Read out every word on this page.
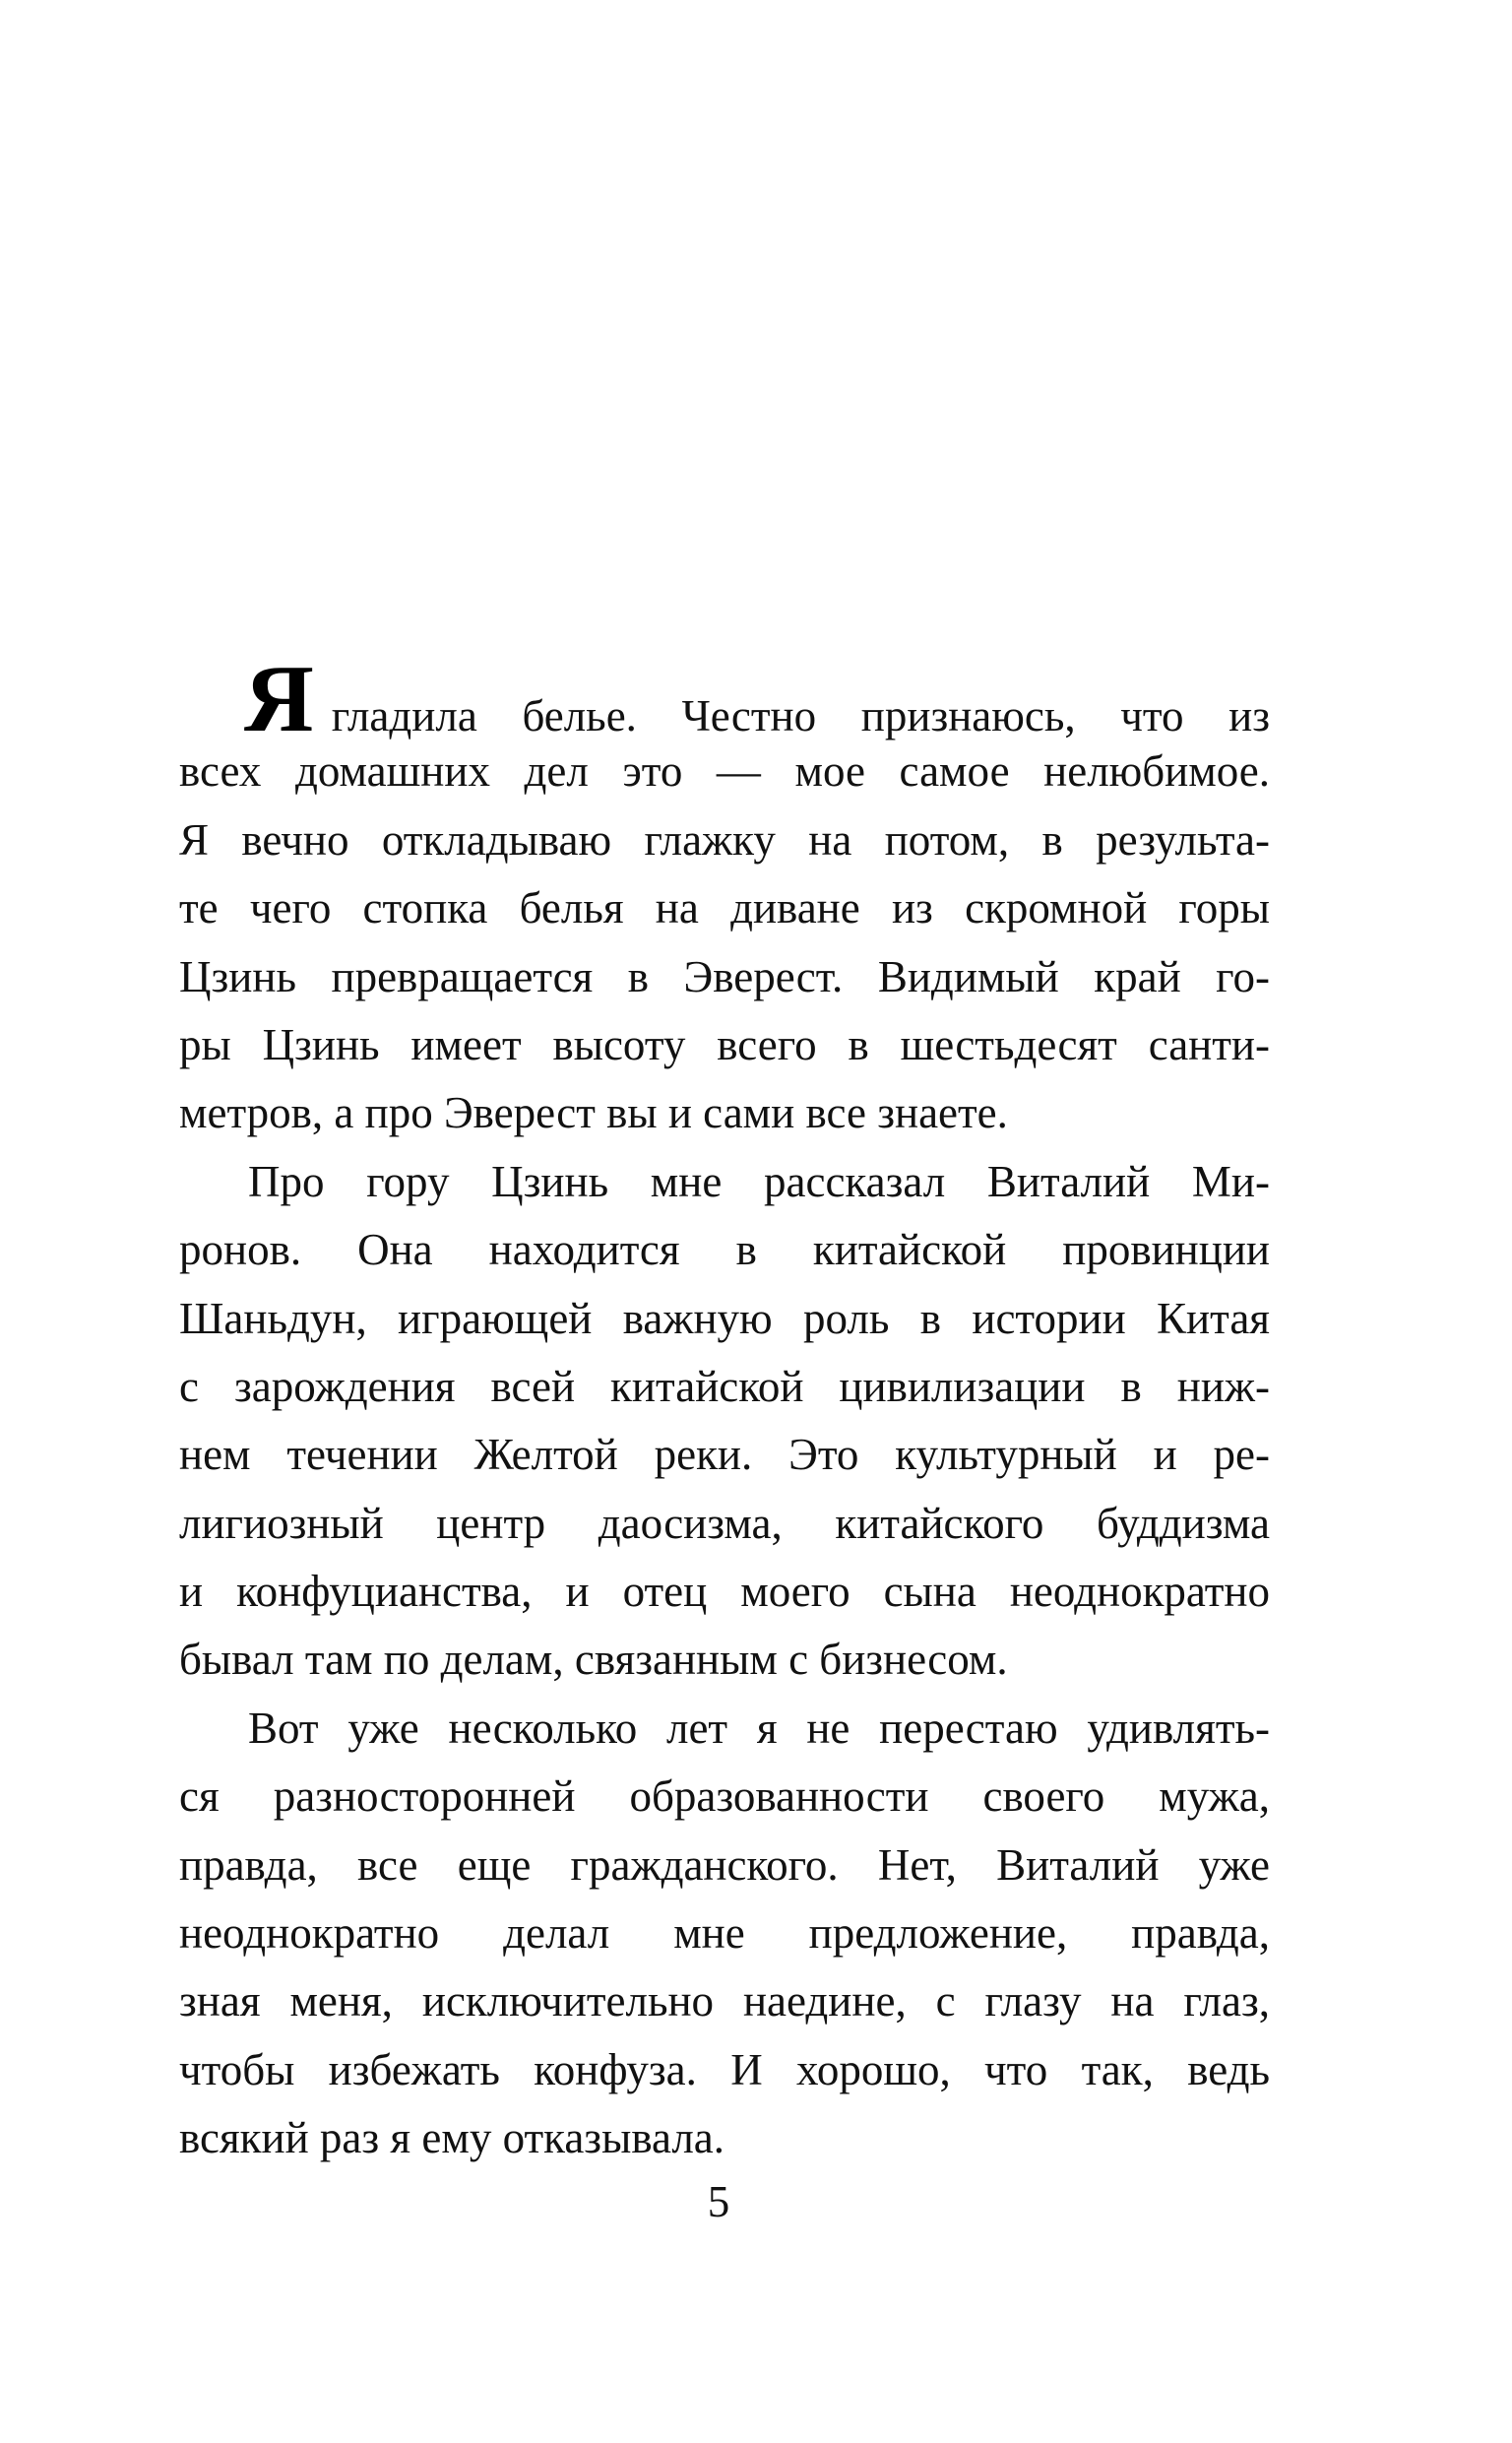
Ягладила белье. Честно признаюсь, что из
всех домашних дел это — мое самое нелюбимое.
Я вечно откладываю глажку на потом, в результа-
те чего стопка белья на диване из скромной горы
Цзинь превращается в Эверест. Видимый край го-
ры Цзинь имеет высоту всего в шестьдесят санти-
метров, а про Эверест вы и сами все знаете.
Про гору Цзинь мне рассказал Виталий Ми-
ронов. Она находится в китайской провинции
Шаньдун, играющей важную роль в истории Китая
с зарождения всей китайской цивилизации в ниж-
нем течении Желтой реки. Это культурный и ре-
лигиозный центр даосизма, китайского буддизма
и конфуцианства, и отец моего сына неоднократно
бывал там по делам, связанным с бизнесом.
Вот уже несколько лет я не перестаю удивлять-
ся разносторонней образованности своего мужа,
правда, все еще гражданского. Нет, Виталий уже
неоднократно делал мне предложение, правда,
зная меня, исключительно наедине, с глазу на глаз,
чтобы избежать конфуза. И хорошо, что так, ведь
всякий раз я ему отказывала.
5
